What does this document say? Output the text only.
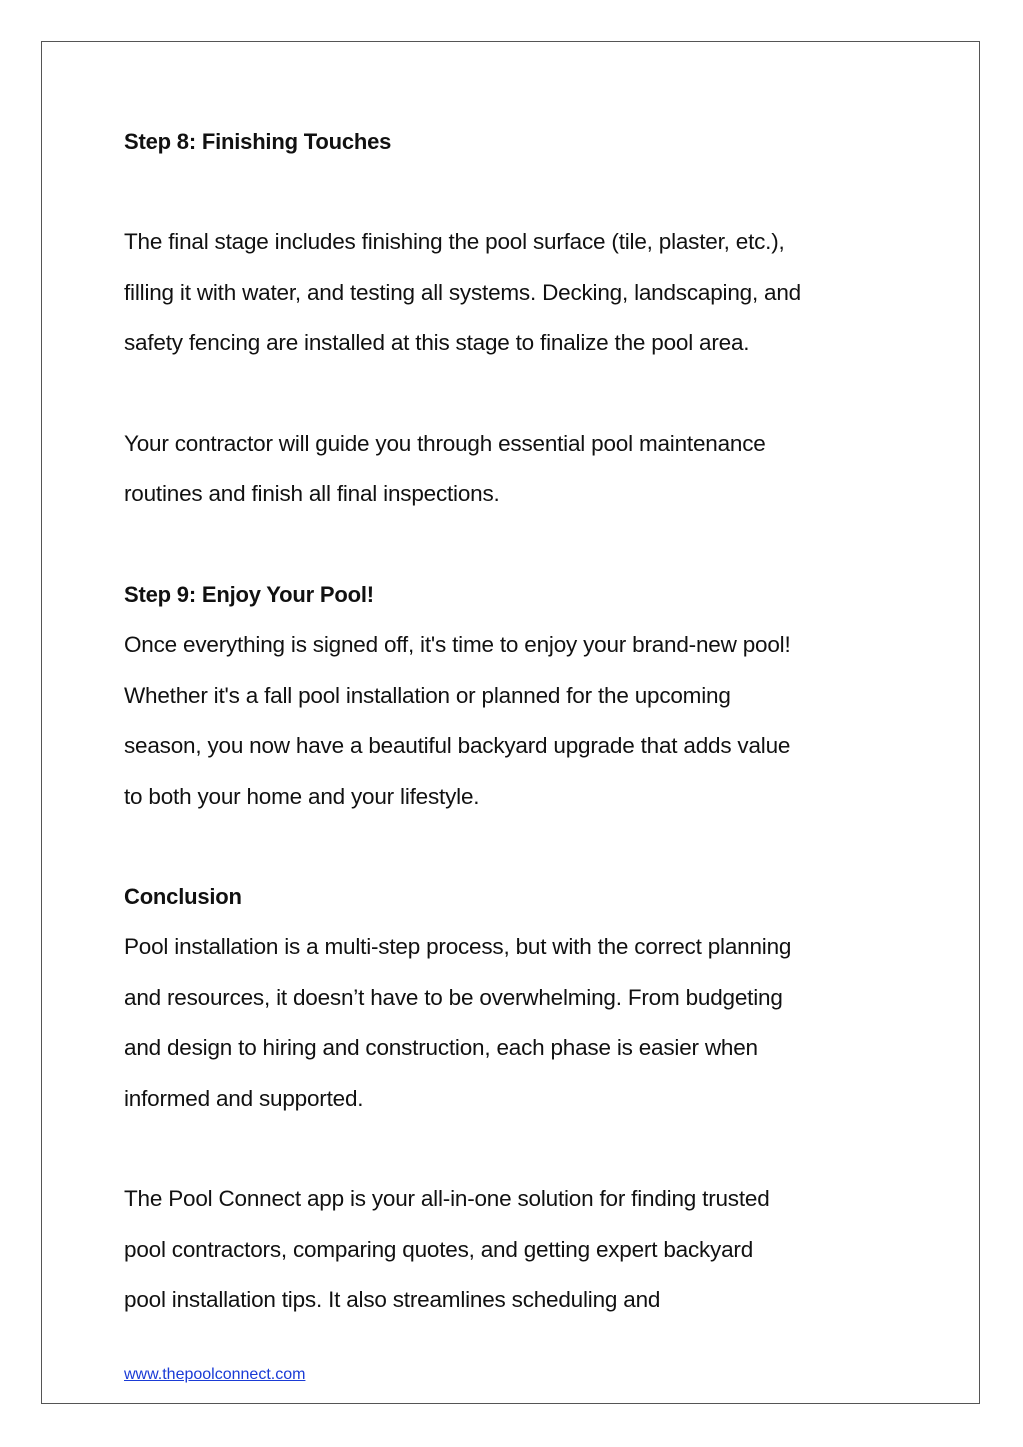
Step 8: Finishing Touches

The final stage includes finishing the pool surface (tile, plaster, etc.),

filling it with water, and testing all systems. Decking, landscaping, and

safety fencing are installed at this stage to finalize the pool area.

Your contractor will guide you through essential pool maintenance

routines and finish all final inspections.

Step 9: Enjoy Your Pool!

Once everything is signed off, it's time to enjoy your brand-new pool!

Whether it's a fall pool installation or planned for the upcoming

season, you now have a beautiful backyard upgrade that adds value

to both your home and your lifestyle.

Conclusion

Pool installation is a multi-step process, but with the correct planning

and resources, it doesn’t have to be overwhelming. From budgeting

and design to hiring and construction, each phase is easier when

informed and supported.

The Pool Connect app is your all-in-one solution for finding trusted

pool contractors, comparing quotes, and getting expert backyard

pool installation tips. It also streamlines scheduling and

www.thepoolconnect.com
